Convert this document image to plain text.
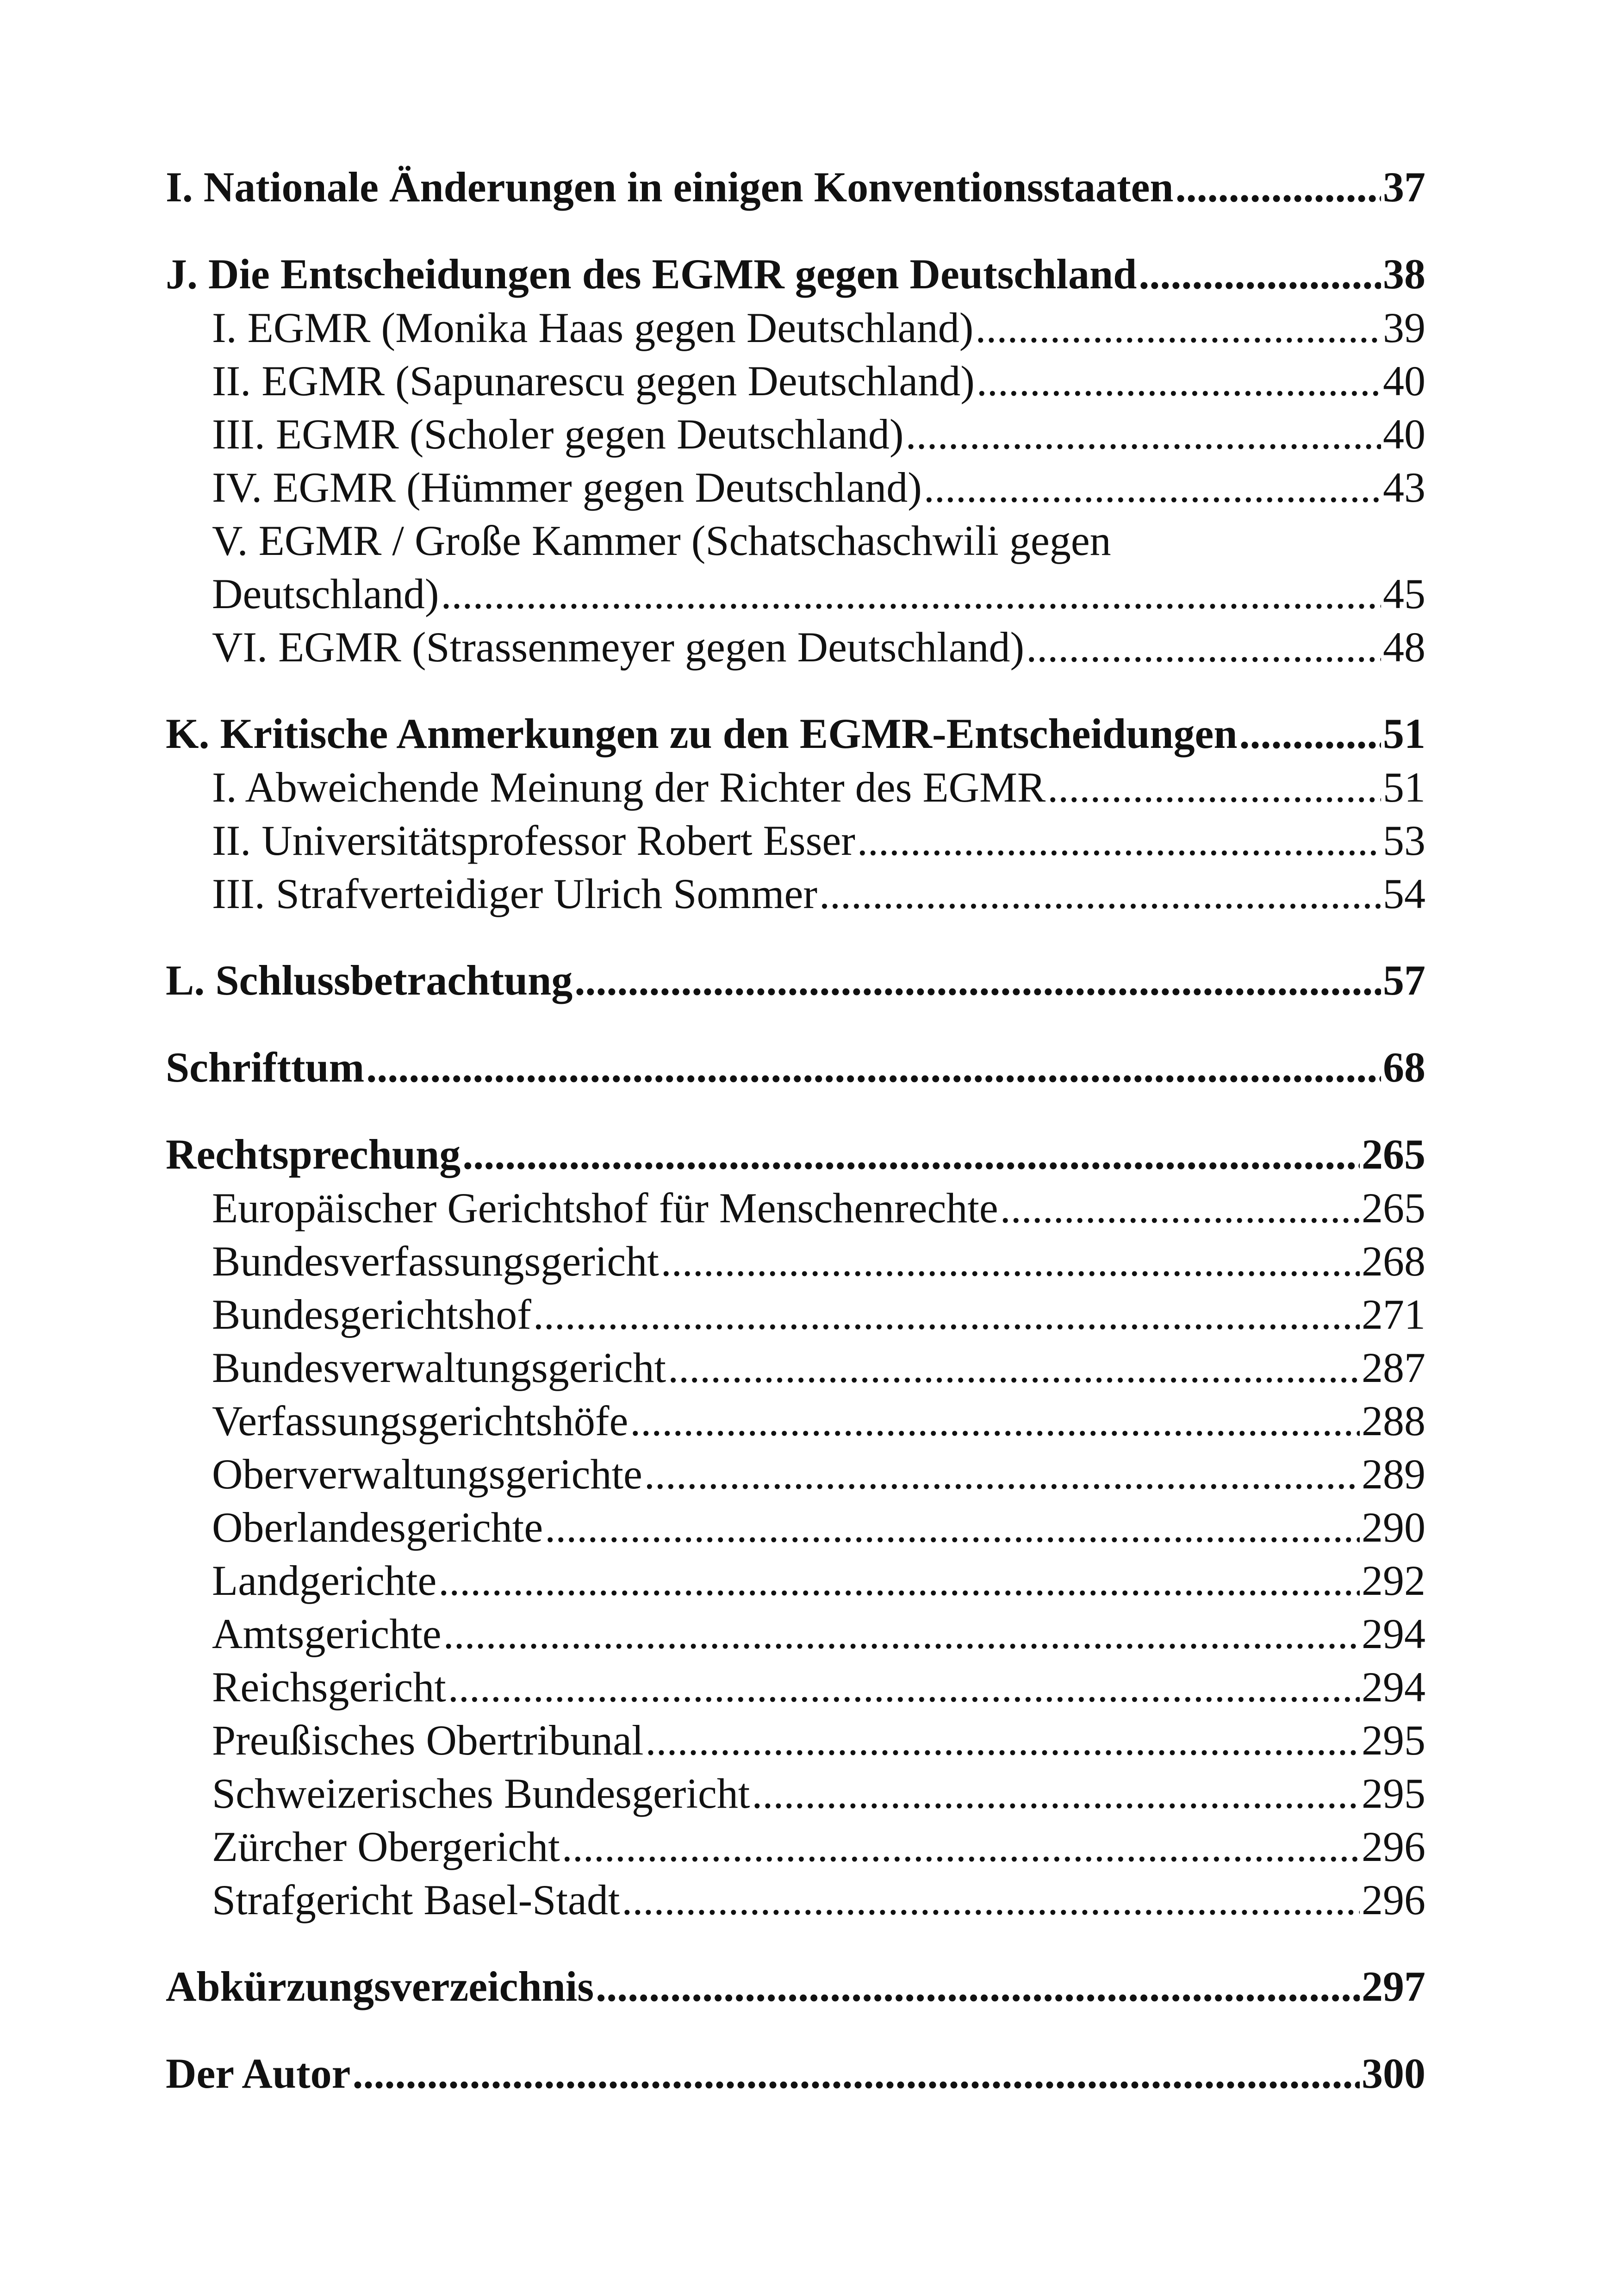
I. Nationale Änderungen in einigen Konventionsstaaten .....	37
J. Die Entscheidungen des EGMR gegen Deutschland .....	38
I. EGMR (Monika Haas gegen Deutschland) .....	39
II. EGMR (Sapunarescu gegen Deutschland) .....	40
III. EGMR (Scholer gegen Deutschland) .....	40
IV. EGMR (Hümmer gegen Deutschland) .....	43
V. EGMR / Große Kammer (Schatschaschwili gegen
Deutschland) .....	45
VI. EGMR (Strassenmeyer gegen Deutschland) .....	48
K. Kritische Anmerkungen zu den EGMR-Entscheidungen .....	51
I. Abweichende Meinung der Richter des EGMR .....	51
II. Universitätsprofessor Robert Esser .....	53
III. Strafverteidiger Ulrich Sommer .....	54
L. Schlussbetrachtung .....	57
Schrifttum .....	68
Rechtsprechung .....	265
Europäischer Gerichtshof für Menschenrechte .....	265
Bundesverfassungsgericht .....	268
Bundesgerichtshof .....	271
Bundesverwaltungsgericht .....	287
Verfassungsgerichtshöfe .....	288
Oberverwaltungsgerichte .....	289
Oberlandesgerichte .....	290
Landgerichte .....	292
Amtsgerichte .....	294
Reichsgericht .....	294
Preußisches Obertribunal .....	295
Schweizerisches Bundesgericht .....	295
Zürcher Obergericht .....	296
Strafgericht Basel-Stadt .....	296
Abkürzungsverzeichnis .....	297
Der Autor .....	300
